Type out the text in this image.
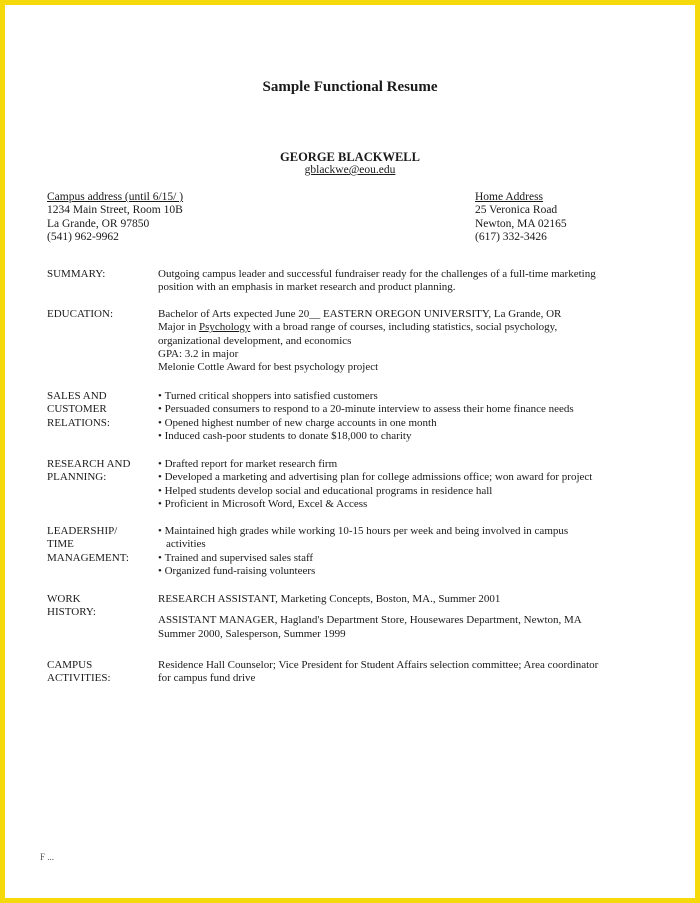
Sample Functional Resume
GEORGE BLACKWELL
gblackwe@eou.edu
Campus address (until 6/15/ )
1234 Main Street, Room 10B
La Grande, OR 97850
(541) 962-9962
Home Address
25 Veronica Road
Newton, MA 02165
(617) 332-3426
SUMMARY:	Outgoing campus leader and successful fundraiser ready for the challenges of a full-time marketing
position with an emphasis in market research and product planning.
EDUCATION:	Bachelor of Arts expected June 20__ EASTERN OREGON UNIVERSITY, La Grande, OR
Major in Psychology with a broad range of courses, including statistics, social psychology,
organizational development, and economics
GPA: 3.2 in major
Melonie Cottle Award for best psychology project
SALES AND
CUSTOMER
RELATIONS:
• Turned critical shoppers into satisfied customers
• Persuaded consumers to respond to a 20-minute interview to assess their home finance needs
• Opened highest number of new charge accounts in one month
• Induced cash-poor students to donate $18,000 to charity
RESEARCH AND
PLANNING:
• Drafted report for market research firm
• Developed a marketing and advertising plan for college admissions office; won award for project
• Helped students develop social and educational programs in residence hall
• Proficient in Microsoft Word, Excel & Access
LEADERSHIP/
TIME
MANAGEMENT:
• Maintained high grades while working 10-15 hours per week and being involved in campus
activities
• Trained and supervised sales staff
• Organized fund-raising volunteers
WORK
HISTORY:
RESEARCH ASSISTANT, Marketing Concepts, Boston, MA., Summer 2001
ASSISTANT MANAGER, Hagland's Department Store, Housewares Department, Newton, MA
Summer 2000, Salesperson, Summer 1999
CAMPUS
ACTIVITIES:
Residence Hall Counselor; Vice President for Student Affairs selection committee; Area coordinator
for campus fund drive
F ...
